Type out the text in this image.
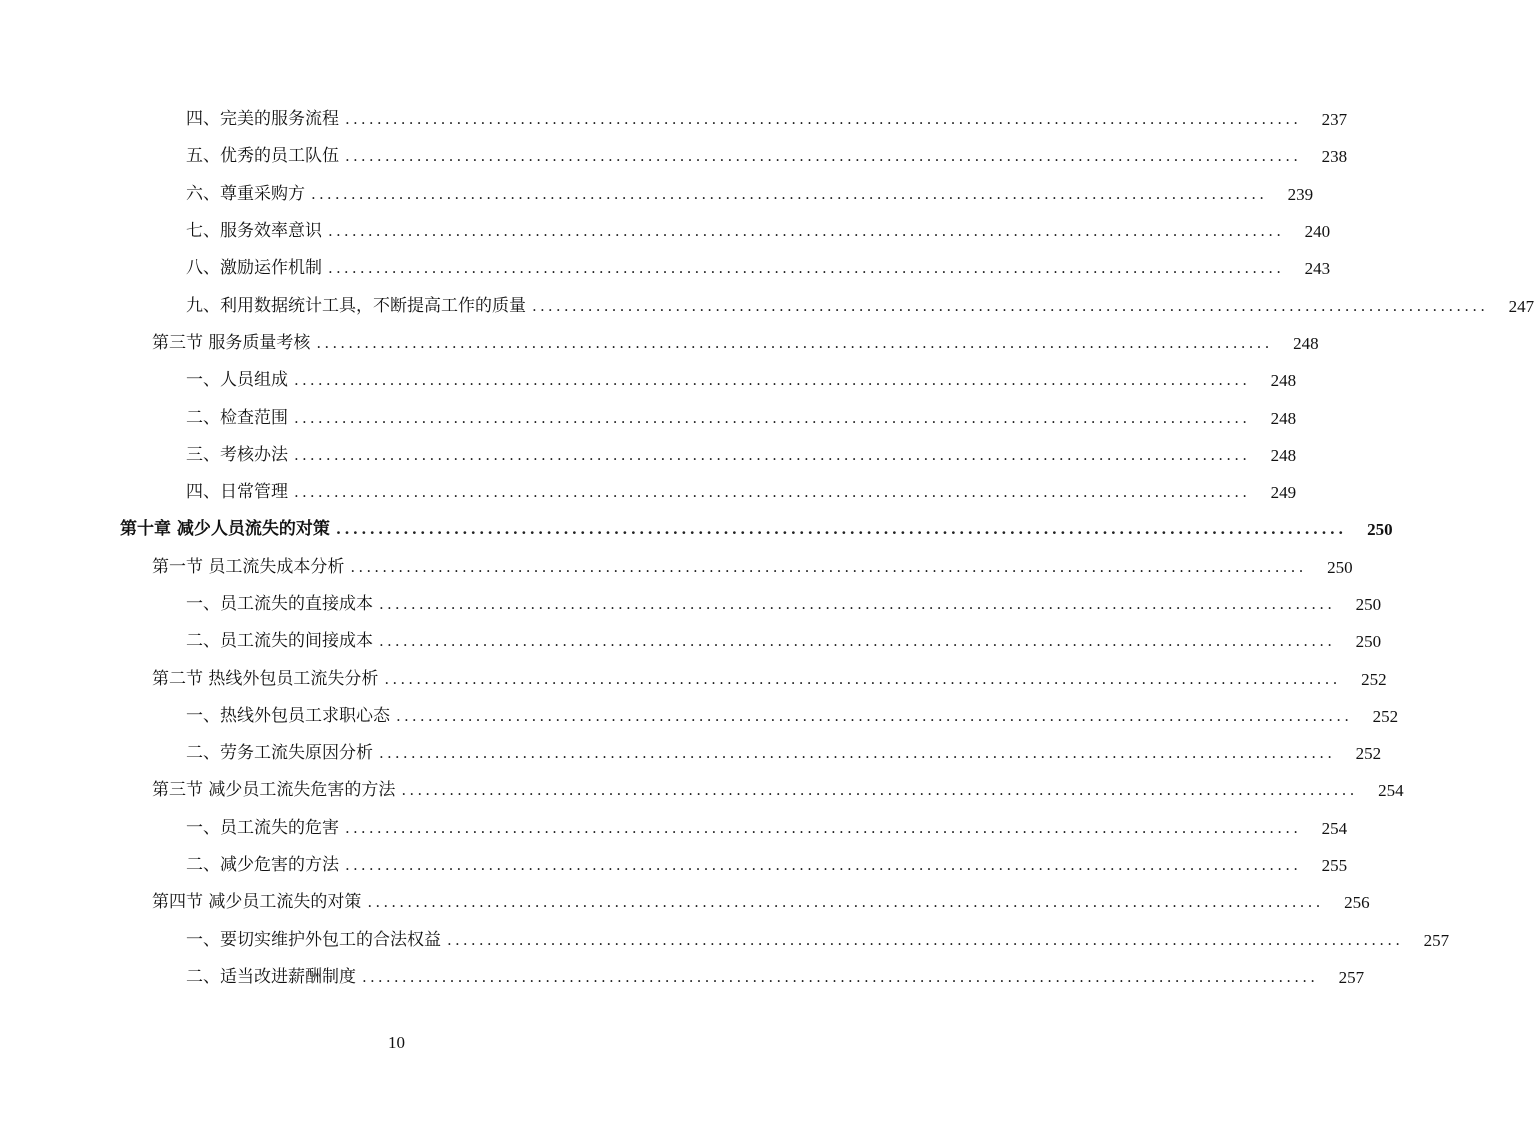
四、完美的服务流程 ........................................................................................................................	237
五、优秀的员工队伍 ........................................................................................................................	238
六、尊重采购方 ........................................................................................................................	239
七、服务效率意识 ........................................................................................................................	240
八、激励运作机制 ........................................................................................................................	243
九、利用数据统计工具，不断提高工作的质量 ........................................................................................................................	247
第三节 服务质量考核 ........................................................................................................................	248
一、人员组成 ........................................................................................................................	248
二、检查范围 ........................................................................................................................	248
三、考核办法 ........................................................................................................................	248
四、日常管理 ........................................................................................................................	249
第十章 减少人员流失的对策 ........................................................................................................................	250
第一节 员工流失成本分析 ........................................................................................................................	250
一、员工流失的直接成本 ........................................................................................................................	250
二、员工流失的间接成本 ........................................................................................................................	250
第二节 热线外包员工流失分析 ........................................................................................................................	252
一、热线外包员工求职心态 ........................................................................................................................	252
二、劳务工流失原因分析 ........................................................................................................................	252
第三节 减少员工流失危害的方法 ........................................................................................................................	254
一、员工流失的危害 ........................................................................................................................	254
二、减少危害的方法 ........................................................................................................................	255
第四节 减少员工流失的对策 ........................................................................................................................	256
一、要切实维护外包工的合法权益 ........................................................................................................................	257
二、适当改进薪酬制度 ........................................................................................................................	257
10
